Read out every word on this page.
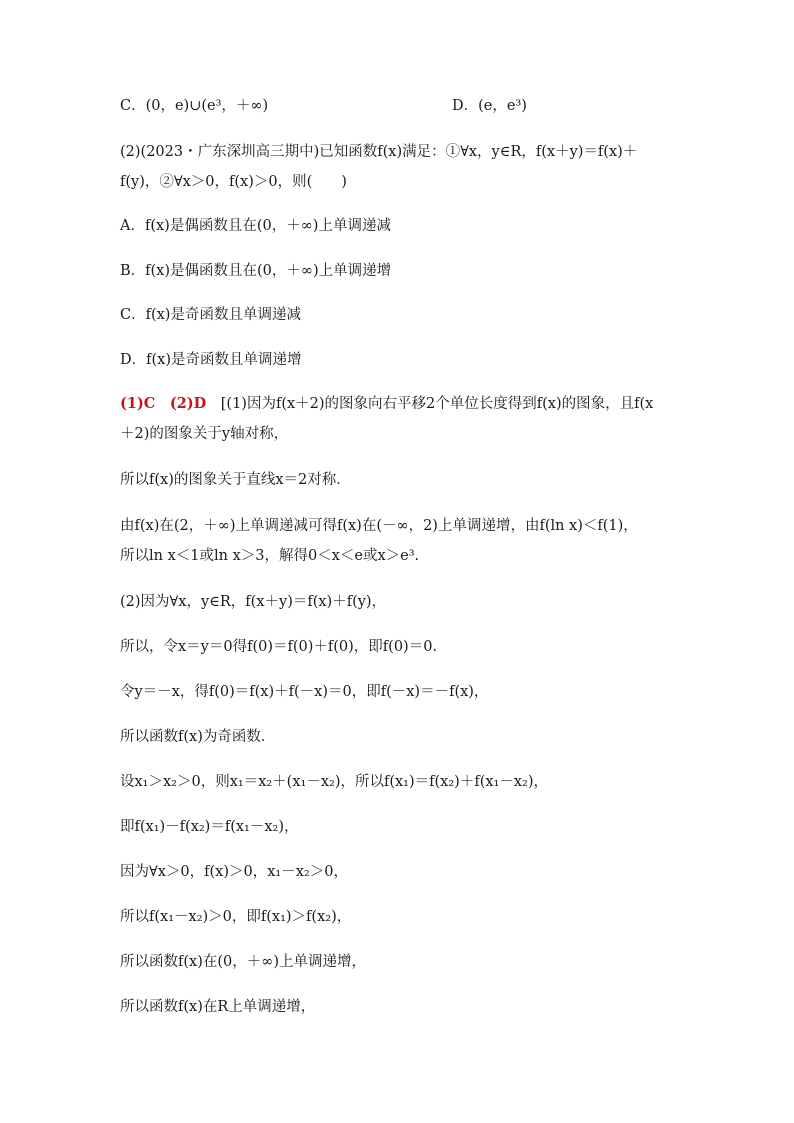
C．(0，e)∪(e³，＋∞)	D．(e，e³)
(2)(2023・广东深圳高三期中)已知函数f(x)满足：①∀x，y∈R，f(x＋y)＝f(x)＋
f(y)，②∀x＞0，f(x)＞0，则(　　)
A．f(x)是偶函数且在(0，＋∞)上单调递减
B．f(x)是偶函数且在(0，＋∞)上单调递增
C．f(x)是奇函数且单调递减
D．f(x)是奇函数且单调递增
(1)C　(2)D　[(1)因为f(x＋2)的图象向右平移2个单位长度得到f(x)的图象，且f(x
＋2)的图象关于y轴对称，
所以f(x)的图象关于直线x＝2对称．
由f(x)在(2，＋∞)上单调递减可得f(x)在(－∞，2)上单调递增，由f(ln x)＜f(1)，
所以ln x＜1或ln x＞3，解得0＜x＜e或x＞e³.
(2)因为∀x，y∈R，f(x＋y)＝f(x)＋f(y)，
所以，令x＝y＝0得f(0)＝f(0)＋f(0)，即f(0)＝0.
令y＝－x，得f(0)＝f(x)＋f(－x)＝0，即f(－x)＝－f(x)，
所以函数f(x)为奇函数．
设x₁＞x₂＞0，则x₁＝x₂＋(x₁－x₂)，所以f(x₁)＝f(x₂)＋f(x₁－x₂)，
即f(x₁)－f(x₂)＝f(x₁－x₂)，
因为∀x＞0，f(x)＞0，x₁－x₂＞0，
所以f(x₁－x₂)＞0，即f(x₁)＞f(x₂)，
所以函数f(x)在(0，＋∞)上单调递增，
所以函数f(x)在R上单调递增，
